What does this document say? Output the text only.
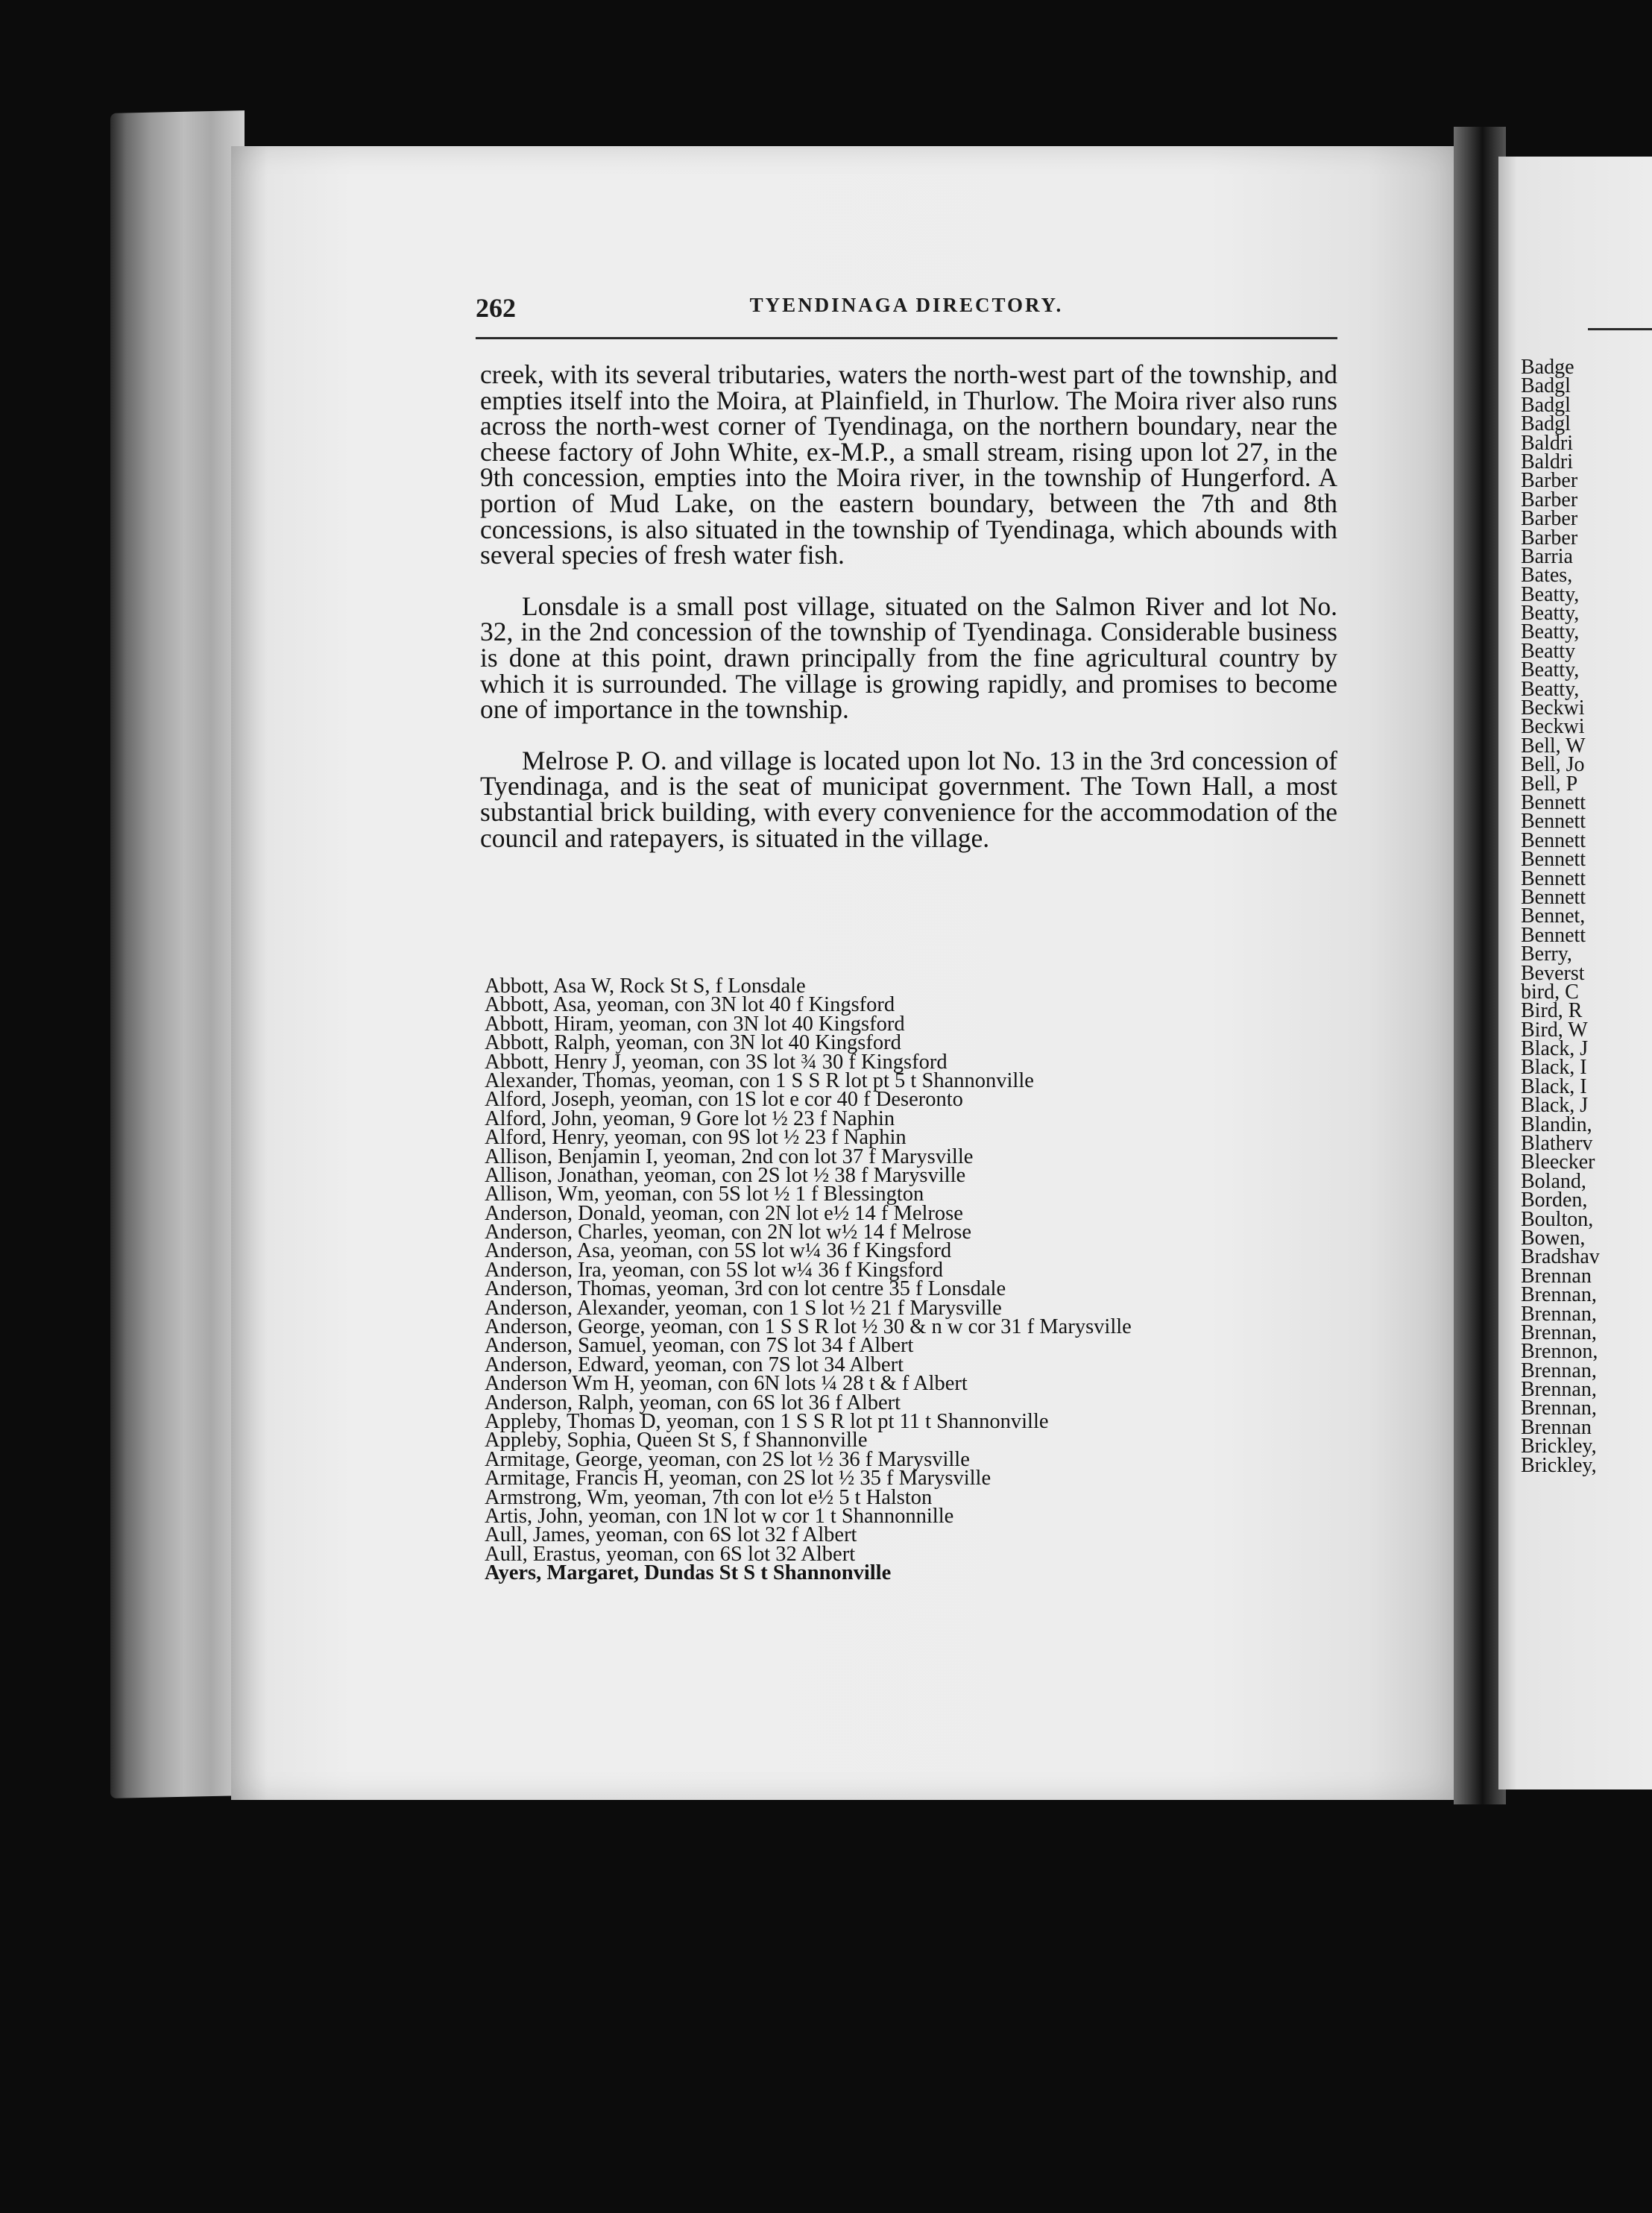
262	TYENDINAGA DIRECTORY.

creek, with its several tributaries, waters the north-west part of the township, and empties itself into the Moira, at Plainfield, in Thurlow. The Moira river also runs across the north-west corner of Tyendinaga, on the northern boundary, near the cheese factory of John White, ex-M.P., a small stream, rising upon lot 27, in the 9th concession, empties into the Moira river, in the township of Hungerford. A portion of Mud Lake, on the eastern boundary, between the 7th and 8th concessions, is also situated in the township of Tyendinaga, which abounds with several species of fresh water fish.

Lonsdale is a small post village, situated on the Salmon River and lot No. 32, in the 2nd concession of the township of Tyendinaga. Considerable business is done at this point, drawn principally from the fine agricultural country by which it is surrounded. The village is growing rapidly, and promises to become one of importance in the township.

Melrose P. O. and village is located upon lot No. 13 in the 3rd concession of Tyendinaga, and is the seat of municipat government. The Town Hall, a most substantial brick building, with every convenience for the accommodation of the council and ratepayers, is situated in the village.

Abbott, Asa W, Rock St S, f Lonsdale
Abbott, Asa, yeoman, con 3N lot 40 f Kingsford
Abbott, Hiram, yeoman, con 3N lot 40 Kingsford
Abbott, Ralph, yeoman, con 3N lot 40 Kingsford
Abbott, Henry J, yeoman, con 3S lot ¾ 30 f Kingsford
Alexander, Thomas, yeoman, con 1 S S R lot pt 5 t Shannonville
Alford, Joseph, yeoman, con 1S lot e cor 40 f Deseronto
Alford, John, yeoman, 9 Gore lot ½ 23 f Naphin
Alford, Henry, yeoman, con 9S lot ½ 23 f Naphin
Allison, Benjamin I, yeoman, 2nd con lot 37 f Marysville
Allison, Jonathan, yeoman, con 2S lot ½ 38 f Marysville
Allison, Wm, yeoman, con 5S lot ½ 1 f Blessington
Anderson, Donald, yeoman, con 2N lot e½ 14 f Melrose
Anderson, Charles, yeoman, con 2N lot w½ 14 f Melrose
Anderson, Asa, yeoman, con 5S lot w¼ 36 f Kingsford
Anderson, Ira, yeoman, con 5S lot w¼ 36 f Kingsford
Anderson, Thomas, yeoman, 3rd con lot centre 35 f Lonsdale
Anderson, Alexander, yeoman, con 1 S lot ½ 21 f Marysville
Anderson, George, yeoman, con 1 S S R lot ½ 30 & n w cor 31 f Marysville
Anderson, Samuel, yeoman, con 7S lot 34 f Albert
Anderson, Edward, yeoman, con 7S lot 34 Albert
Anderson Wm H, yeoman, con 6N lots ¼ 28 t & f Albert
Anderson, Ralph, yeoman, con 6S lot 36 f Albert
Appleby, Thomas D, yeoman, con 1 S S R lot pt 11 t Shannonville
Appleby, Sophia, Queen St S, f Shannonville
Armitage, George, yeoman, con 2S lot ½ 36 f Marysville
Armitage, Francis H, yeoman, con 2S lot ½ 35 f Marysville
Armstrong, Wm, yeoman, 7th con lot e½ 5 t Halston
Artis, John, yeoman, con 1N lot w cor 1 t Shannonnille
Aull, James, yeoman, con 6S lot 32 f Albert
Aull, Erastus, yeoman, con 6S lot 32 Albert
Ayers, Margaret, Dundas St S t Shannonville
Badge
Badgl
Badgl
Badgl
Baldri
Baldri
Barber
Barber
Barber
Barber
Barria
Bates,
Beatty,
Beatty,
Beatty,
Beatty
Beatty,
Beatty,
Beckwi
Beckwi
Bell, W
Bell, Jo
Bell, P
Bennett
Bennett
Bennett
Bennett
Bennett
Bennett
Bennet,
Bennett
Berry,
Beverst
bird, C
Bird, R
Bird, W
Black, J
Black, I
Black, I
Black, J
Blandin,
Blatherv
Bleecker
Boland,
Borden,
Boulton,
Bowen,
Bradshav
Brennan
Brennan,
Brennan,
Brennan,
Brennon,
Brennan,
Brennan,
Brennan,
Brennan
Brickley,
Brickley,
